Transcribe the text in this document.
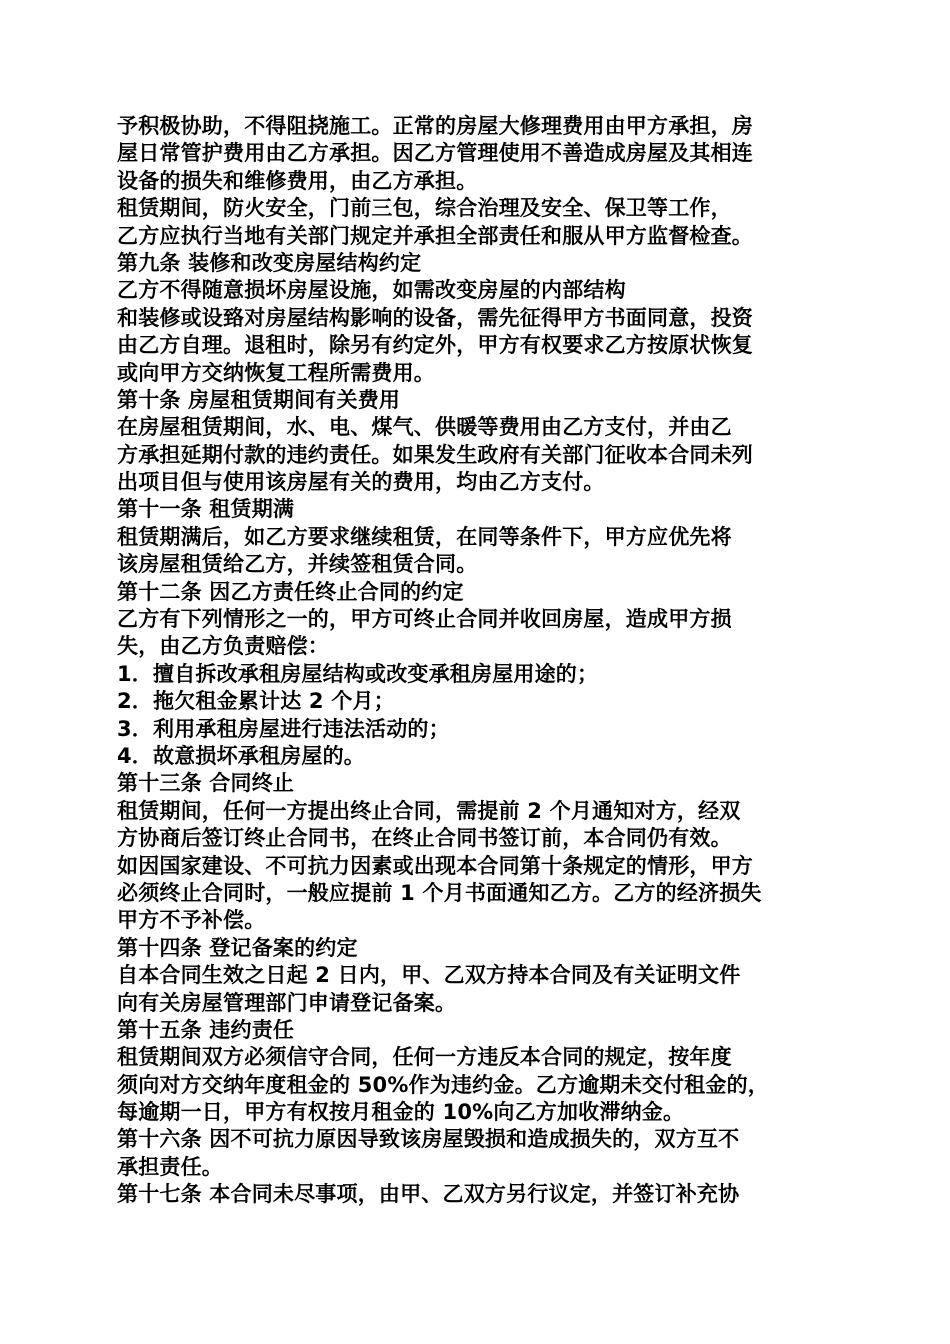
予积极协助，不得阻挠施工。正常的房屋大修理费用由甲方承担，房
屋日常管护费用由乙方承担。因乙方管理使用不善造成房屋及其相连
设备的损失和维修费用，由乙方承担。
租赁期间，防火安全，门前三包，综合治理及安全、保卫等工作，
乙方应执行当地有关部门规定并承担全部责任和服从甲方监督检查。
第九条 装修和改变房屋结构约定
乙方不得随意损坏房屋设施，如需改变房屋的内部结构
和装修或设臵对房屋结构影响的设备，需先征得甲方书面同意，投资
由乙方自理。退租时，除另有约定外，甲方有权要求乙方按原状恢复
或向甲方交纳恢复工程所需费用。
第十条 房屋租赁期间有关费用
在房屋租赁期间，水、电、煤气、供暖等费用由乙方支付，并由乙
方承担延期付款的违约责任。如果发生政府有关部门征收本合同未列
出项目但与使用该房屋有关的费用，均由乙方支付。
第十一条 租赁期满
租赁期满后，如乙方要求继续租赁，在同等条件下，甲方应优先将
该房屋租赁给乙方，并续签租赁合同。
第十二条 因乙方责任终止合同的约定
乙方有下列情形之一的，甲方可终止合同并收回房屋，造成甲方损
失，由乙方负责赔偿：
1．擅自拆改承租房屋结构或改变承租房屋用途的；
2．拖欠租金累计达 2 个月；
3．利用承租房屋进行违法活动的；
4．故意损坏承租房屋的。
第十三条 合同终止
租赁期间，任何一方提出终止合同，需提前 2 个月通知对方，经双
方协商后签订终止合同书，在终止合同书签订前，本合同仍有效。
如因国家建设、不可抗力因素或出现本合同第十条规定的情形，甲方
必须终止合同时，一般应提前 1 个月书面通知乙方。乙方的经济损失
甲方不予补偿。
第十四条 登记备案的约定
自本合同生效之日起 2 日内，甲、乙双方持本合同及有关证明文件
向有关房屋管理部门申请登记备案。
第十五条 违约责任
租赁期间双方必须信守合同，任何一方违反本合同的规定，按年度
须向对方交纳年度租金的 50%作为违约金。乙方逾期未交付租金的，
每逾期一日，甲方有权按月租金的 10%向乙方加收滞纳金。
第十六条 因不可抗力原因导致该房屋毁损和造成损失的，双方互不
承担责任。
第十七条 本合同未尽事项，由甲、乙双方另行议定，并签订补充协
